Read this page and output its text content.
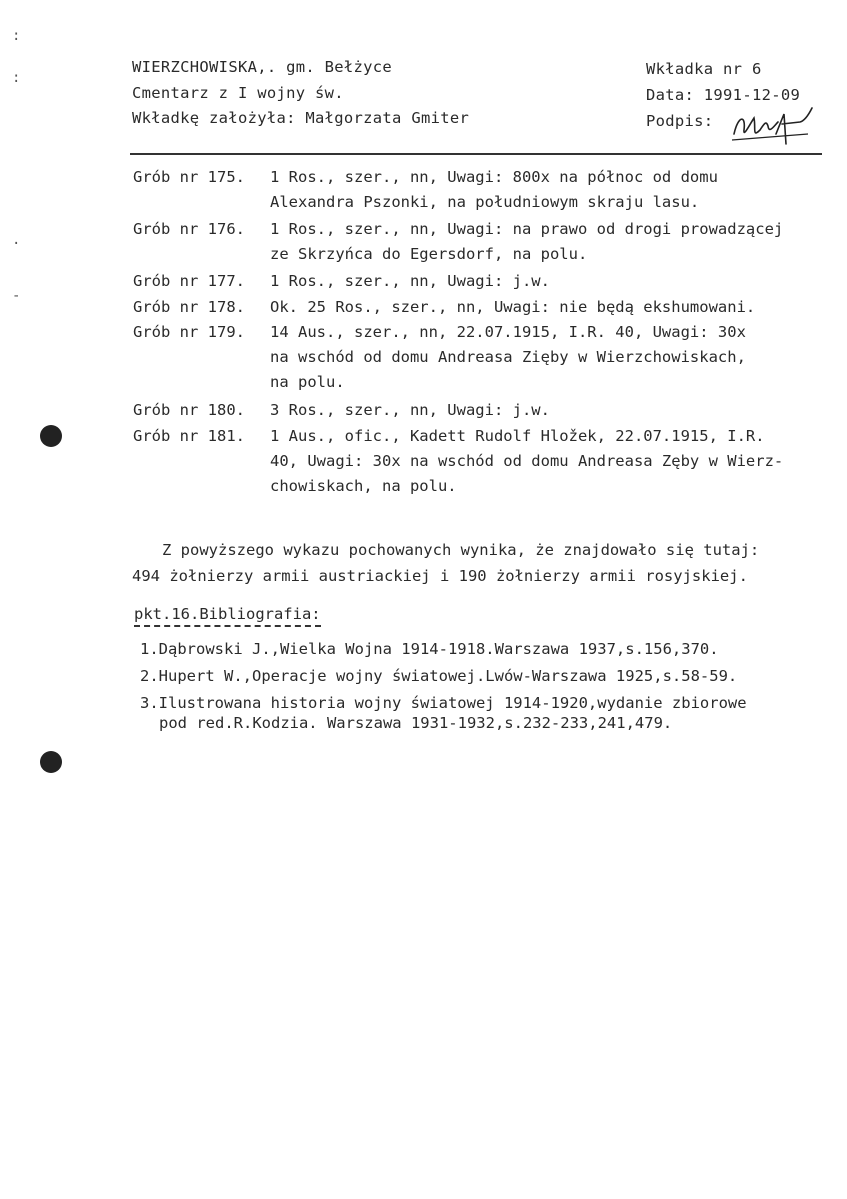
WIERZCHOWISKA,. gm. Bełżyce
Cmentarz z I wojny św.
Wkładkę założyła: Małgorzata Gmiter
Wkładka nr 6
Data: 1991-12-09
Podpis:
Grób nr 175. 1 Ros., szer., nn, Uwagi: 800x na północ od domu
Alexandra Pszonki, na południowym skraju lasu.
Grób nr 176. 1 Ros., szer., nn, Uwagi: na prawo od drogi prowadzącej
ze Skrzyńca do Egersdorf, na polu.
Grób nr 177. 1 Ros., szer., nn, Uwagi: j.w.
Grób nr 178. Ok. 25 Ros., szer., nn, Uwagi: nie będą ekshumowani.
Grób nr 179. 14 Aus., szer., nn, 22.07.1915, I.R. 40, Uwagi: 30x
na wschód od domu Andreasa Zięby w Wierzchowiskach,
na polu.
Grób nr 180. 3 Ros., szer., nn, Uwagi: j.w.
Grób nr 181. 1 Aus., ofic., Kadett Rudolf Hložek, 22.07.1915, I.R.
40, Uwagi: 30x na wschód od domu Andreasa Zęby w Wierz-
chowiskach, na polu.
Z powyższego wykazu pochowanych wynika, że znajdowało się tutaj:
494 żołnierzy armii austriackiej i 190 żołnierzy armii rosyjskiej.
pkt.16.Bibliografia:
1.Dąbrowski J.,Wielka Wojna 1914-1918.Warszawa 1937,s.156,370.
2.Hupert W.,Operacje wojny światowej.Lwów-Warszawa 1925,s.58-59.
3.Ilustrowana historia wojny światowej 1914-1920,wydanie zbiorowe
pod red.R.Kodzia. Warszawa 1931-1932,s.232-233,241,479.
:
:
·
-
